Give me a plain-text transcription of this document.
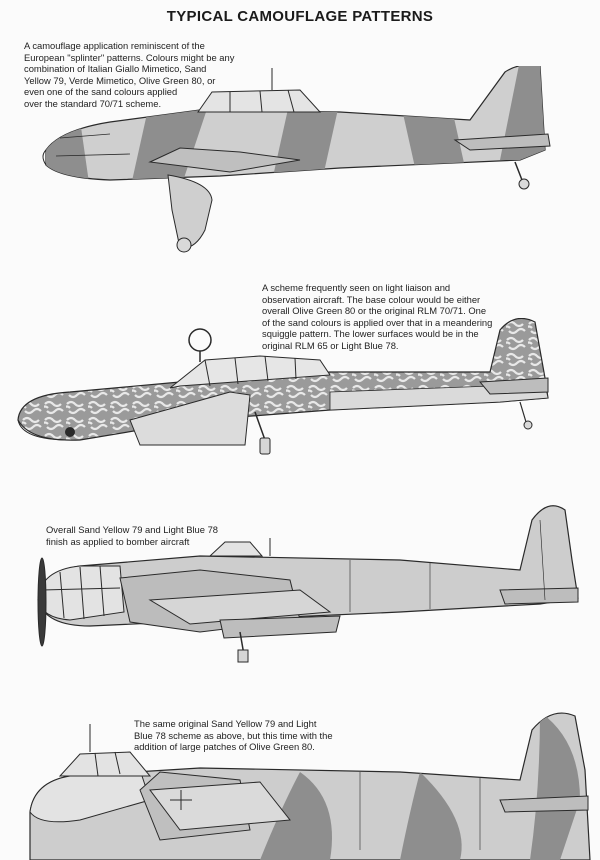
TYPICAL CAMOUFLAGE PATTERNS

A camouflage application reminiscent of the

European "splinter" patterns. Colours might be any

combination of Italian Giallo Mimetico, Sand

Yellow 79, Verde Mimetico, Olive Green 80, or

even one of the sand colours applied

over the standard 70/71 scheme.

A scheme frequently seen on light liaison and

observation aircraft. The base colour would be either

overall Olive Green 80 or the original RLM 70/71. One

of the sand colours is applied over that in a meandering

squiggle pattern. The lower surfaces would be in the

original RLM 65 or Light Blue 78.

Overall Sand Yellow 79 and Light Blue 78

finish as applied to bomber aircraft

The same original Sand Yellow 79 and Light

Blue 78 scheme as above, but this time with the

addition of large patches of Olive Green 80.
